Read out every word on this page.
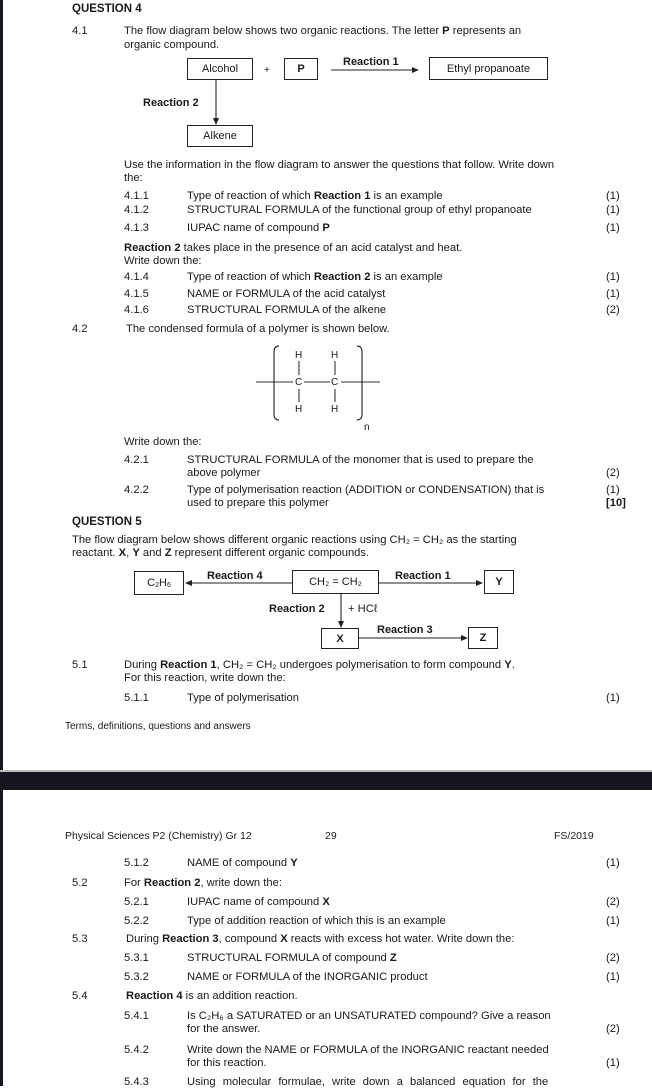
QUESTION 4
4.1	The flow diagram below shows two organic reactions. The letter P represents an
organic compound.
Alcohol	+	P
Reaction 1
Ethyl propanoate
Reaction 2
Alkene
Use the information in the flow diagram to answer the questions that follow. Write down
the:
4.1.1	Type of reaction of which Reaction 1 is an example	(1)
4.1.2	STRUCTURAL FORMULA of the functional group of ethyl propanoate	(1)
4.1.3	IUPAC name of compound P	(1)
Reaction 2 takes place in the presence of an acid catalyst and heat.
Write down the:
4.1.4	Type of reaction of which Reaction 2 is an example	(1)
4.1.5	NAME or FORMULA of the acid catalyst	(1)
4.1.6	STRUCTURAL FORMULA of the alkene	(2)
4.2	The condensed formula of a polymer is shown below.
H	H
C	C
H	H
n
Write down the:
4.2.1	STRUCTURAL FORMULA of the monomer that is used to prepare the
above polymer	(2)
4.2.2	Type of polymerisation reaction (ADDITION or CONDENSATION) that is
used to prepare this polymer
(1)
[10]
QUESTION 5
The flow diagram below shows different organic reactions using CH₂ = CH₂ as the starting
reactant. X, Y and Z represent different organic compounds.
$C_2H_6$
Reaction 4	CH₂ = CH₂	Reaction 1	Y
Reaction 2 + HCℓ
X
Reaction 3
Z
5.1	During Reaction 1, CH₂ = CH₂ undergoes polymerisation to form compound Y.
For this reaction, write down the:
5.1.1	Type of polymerisation	(1)
Terms, definitions, questions and answers
Physical Sciences P2 (Chemistry) Gr 12	29	FS/2019
5.1.2	NAME of compound Y	(1)
5.2	For Reaction 2, write down the:
5.2.1	IUPAC name of compound X	(2)
5.2.2	Type of addition reaction of which this is an example	(1)
5.3	During Reaction 3, compound X reacts with excess hot water. Write down the:
5.3.1	STRUCTURAL FORMULA of compound Z	(2)
5.3.2	NAME or FORMULA of the INORGANIC product	(1)
5.4	Reaction 4 is an addition reaction.
5.4.1	Is C₂H₆ a SATURATED or an UNSATURATED compound? Give a reason
for the answer.	(2)
5.4.2	Write down the NAME or FORMULA of the INORGANIC reactant needed
for this reaction.	(1)
5.4.3	Using molecular formulae, write down a balanced equation for the
